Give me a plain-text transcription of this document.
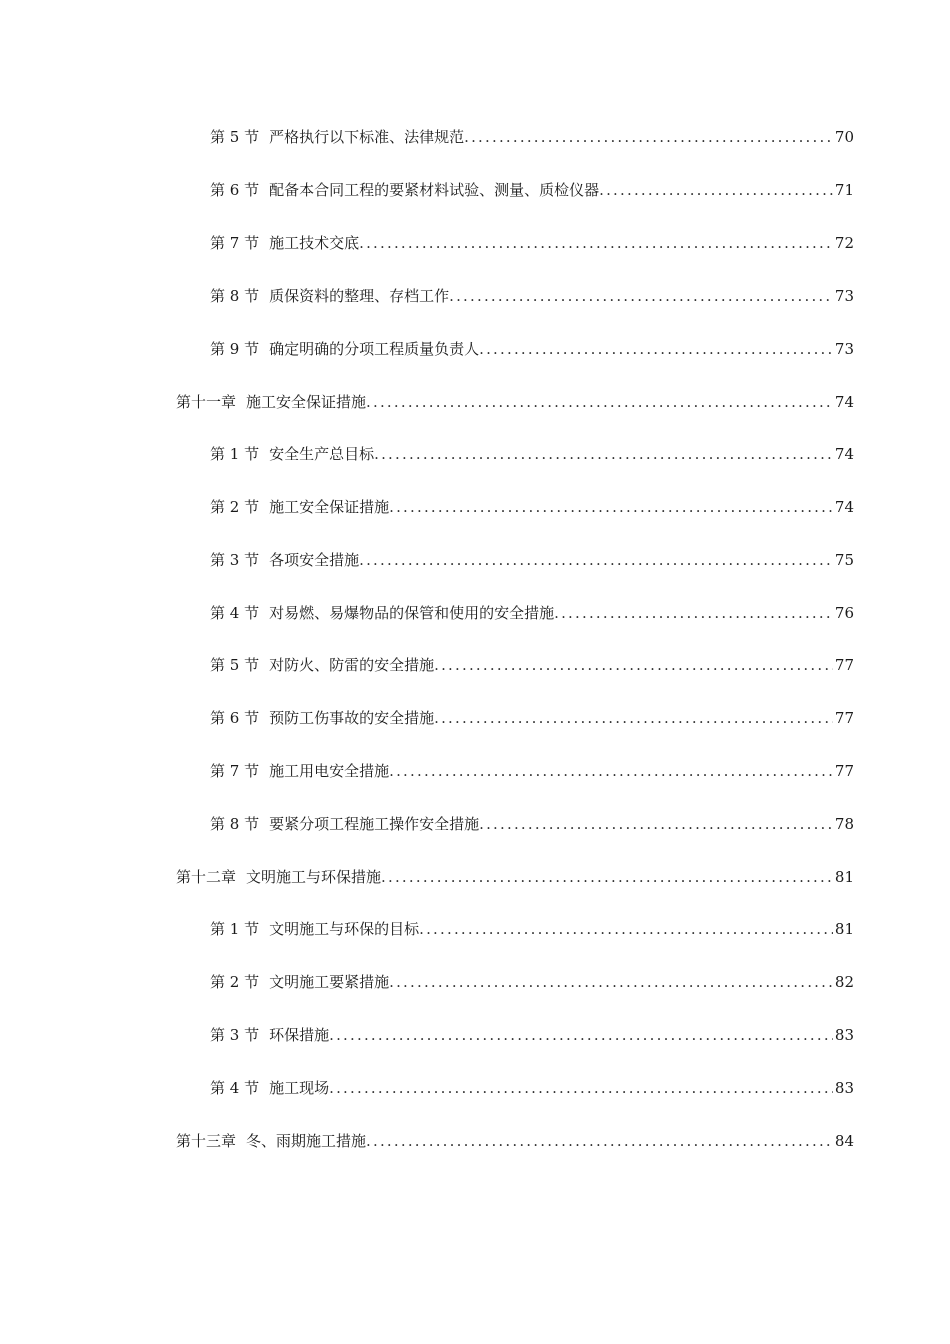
第 5 节 严格执行以下标准、法律规范 .....	70
第 6 节 配备本合同工程的要紧材料试验、测量、质检仪器 .....	71
第 7 节 施工技术交底 .....	72
第 8 节 质保资料的整理、存档工作 .....	73
第 9 节 确定明确的分项工程质量负责人 .....	73
第十一章 施工安全保证措施 .....	74
第 1 节 安全生产总目标 .....	74
第 2 节 施工安全保证措施 .....	74
第 3 节 各项安全措施 .....	75
第 4 节 对易燃、易爆物品的保管和使用的安全措施 .....	76
第 5 节 对防火、防雷的安全措施 .....	77
第 6 节 预防工伤事故的安全措施 .....	77
第 7 节 施工用电安全措施 .....	77
第 8 节 要紧分项工程施工操作安全措施 .....	78
第十二章 文明施工与环保措施 .....	81
第 1 节 文明施工与环保的目标 .....	81
第 2 节 文明施工要紧措施 .....	82
第 3 节 环保措施 .....	83
第 4 节 施工现场 .....	83
第十三章 冬、雨期施工措施 .....	84
